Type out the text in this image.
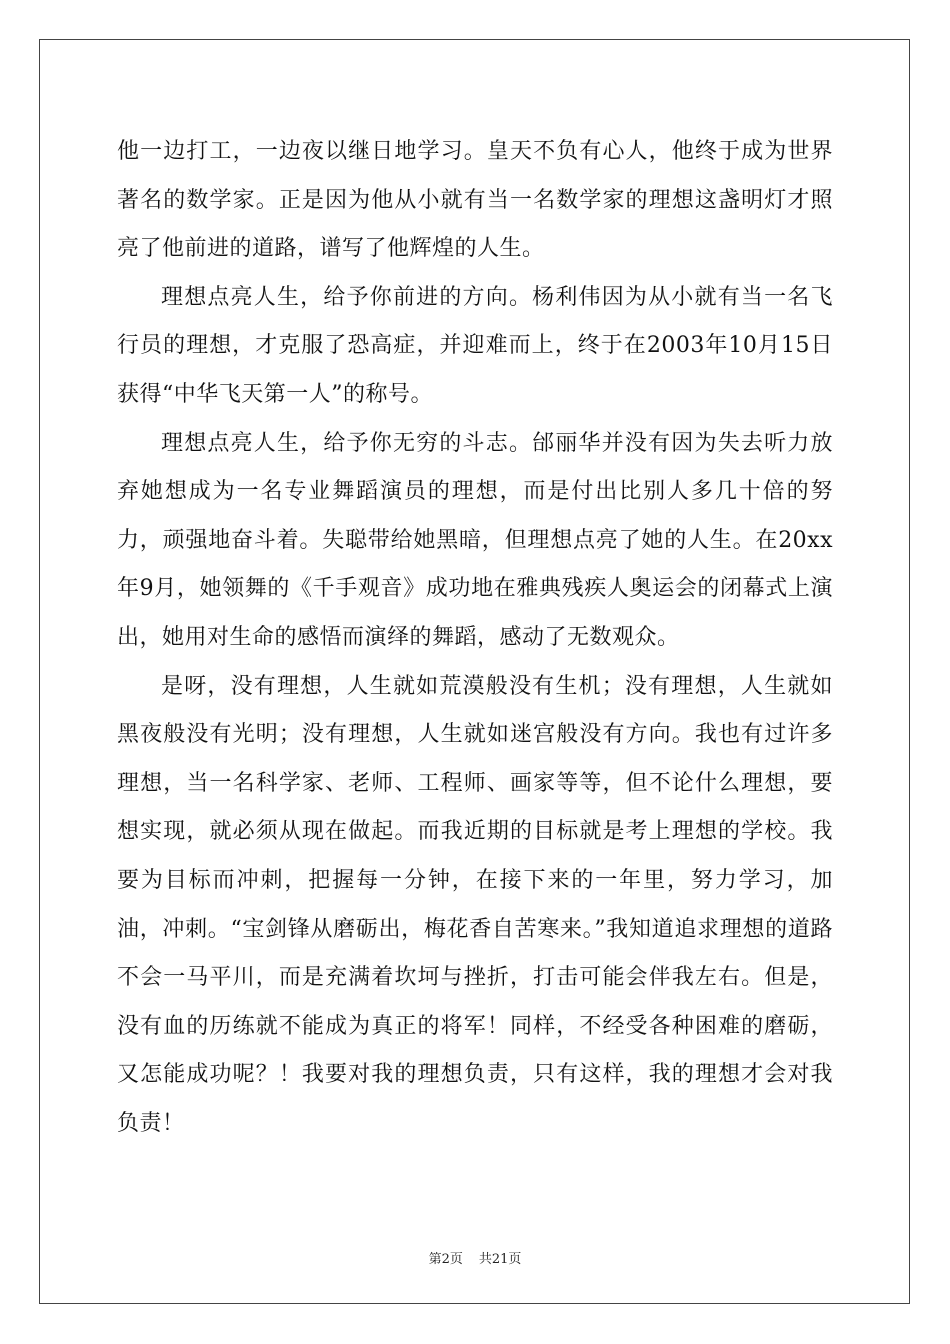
他一边打工，一边夜以继日地学习。皇天不负有心人，他终于成为世界著名的数学家。正是因为他从小就有当一名数学家的理想这盏明灯才照亮了他前进的道路，谱写了他辉煌的人生。

理想点亮人生，给予你前进的方向。杨利伟因为从小就有当一名飞行员的理想，才克服了恐高症，并迎难而上，终于在2003年10月15日获得“中华飞天第一人”的称号。

理想点亮人生，给予你无穷的斗志。邰丽华并没有因为失去听力放弃她想成为一名专业舞蹈演员的理想，而是付出比别人多几十倍的努力，顽强地奋斗着。失聪带给她黑暗，但理想点亮了她的人生。在20xx年9月，她领舞的《千手观音》成功地在雅典残疾人奥运会的闭幕式上演出，她用对生命的感悟而演绎的舞蹈，感动了无数观众。

是呀，没有理想，人生就如荒漠般没有生机；没有理想，人生就如黑夜般没有光明；没有理想，人生就如迷宫般没有方向。我也有过许多理想，当一名科学家、老师、工程师、画家等等，但不论什么理想，要想实现，就必须从现在做起。而我近期的目标就是考上理想的学校。我要为目标而冲刺，把握每一分钟，在接下来的一年里，努力学习，加油，冲刺。“宝剑锋从磨砺出，梅花香自苦寒来。”我知道追求理想的道路不会一马平川，而是充满着坎坷与挫折，打击可能会伴我左右。但是，没有血的历练就不能成为真正的将军！同样，不经受各种困难的磨砺，又怎能成功呢？！我要对我的理想负责，只有这样，我的理想才会对我负责！

第2页 共21页
